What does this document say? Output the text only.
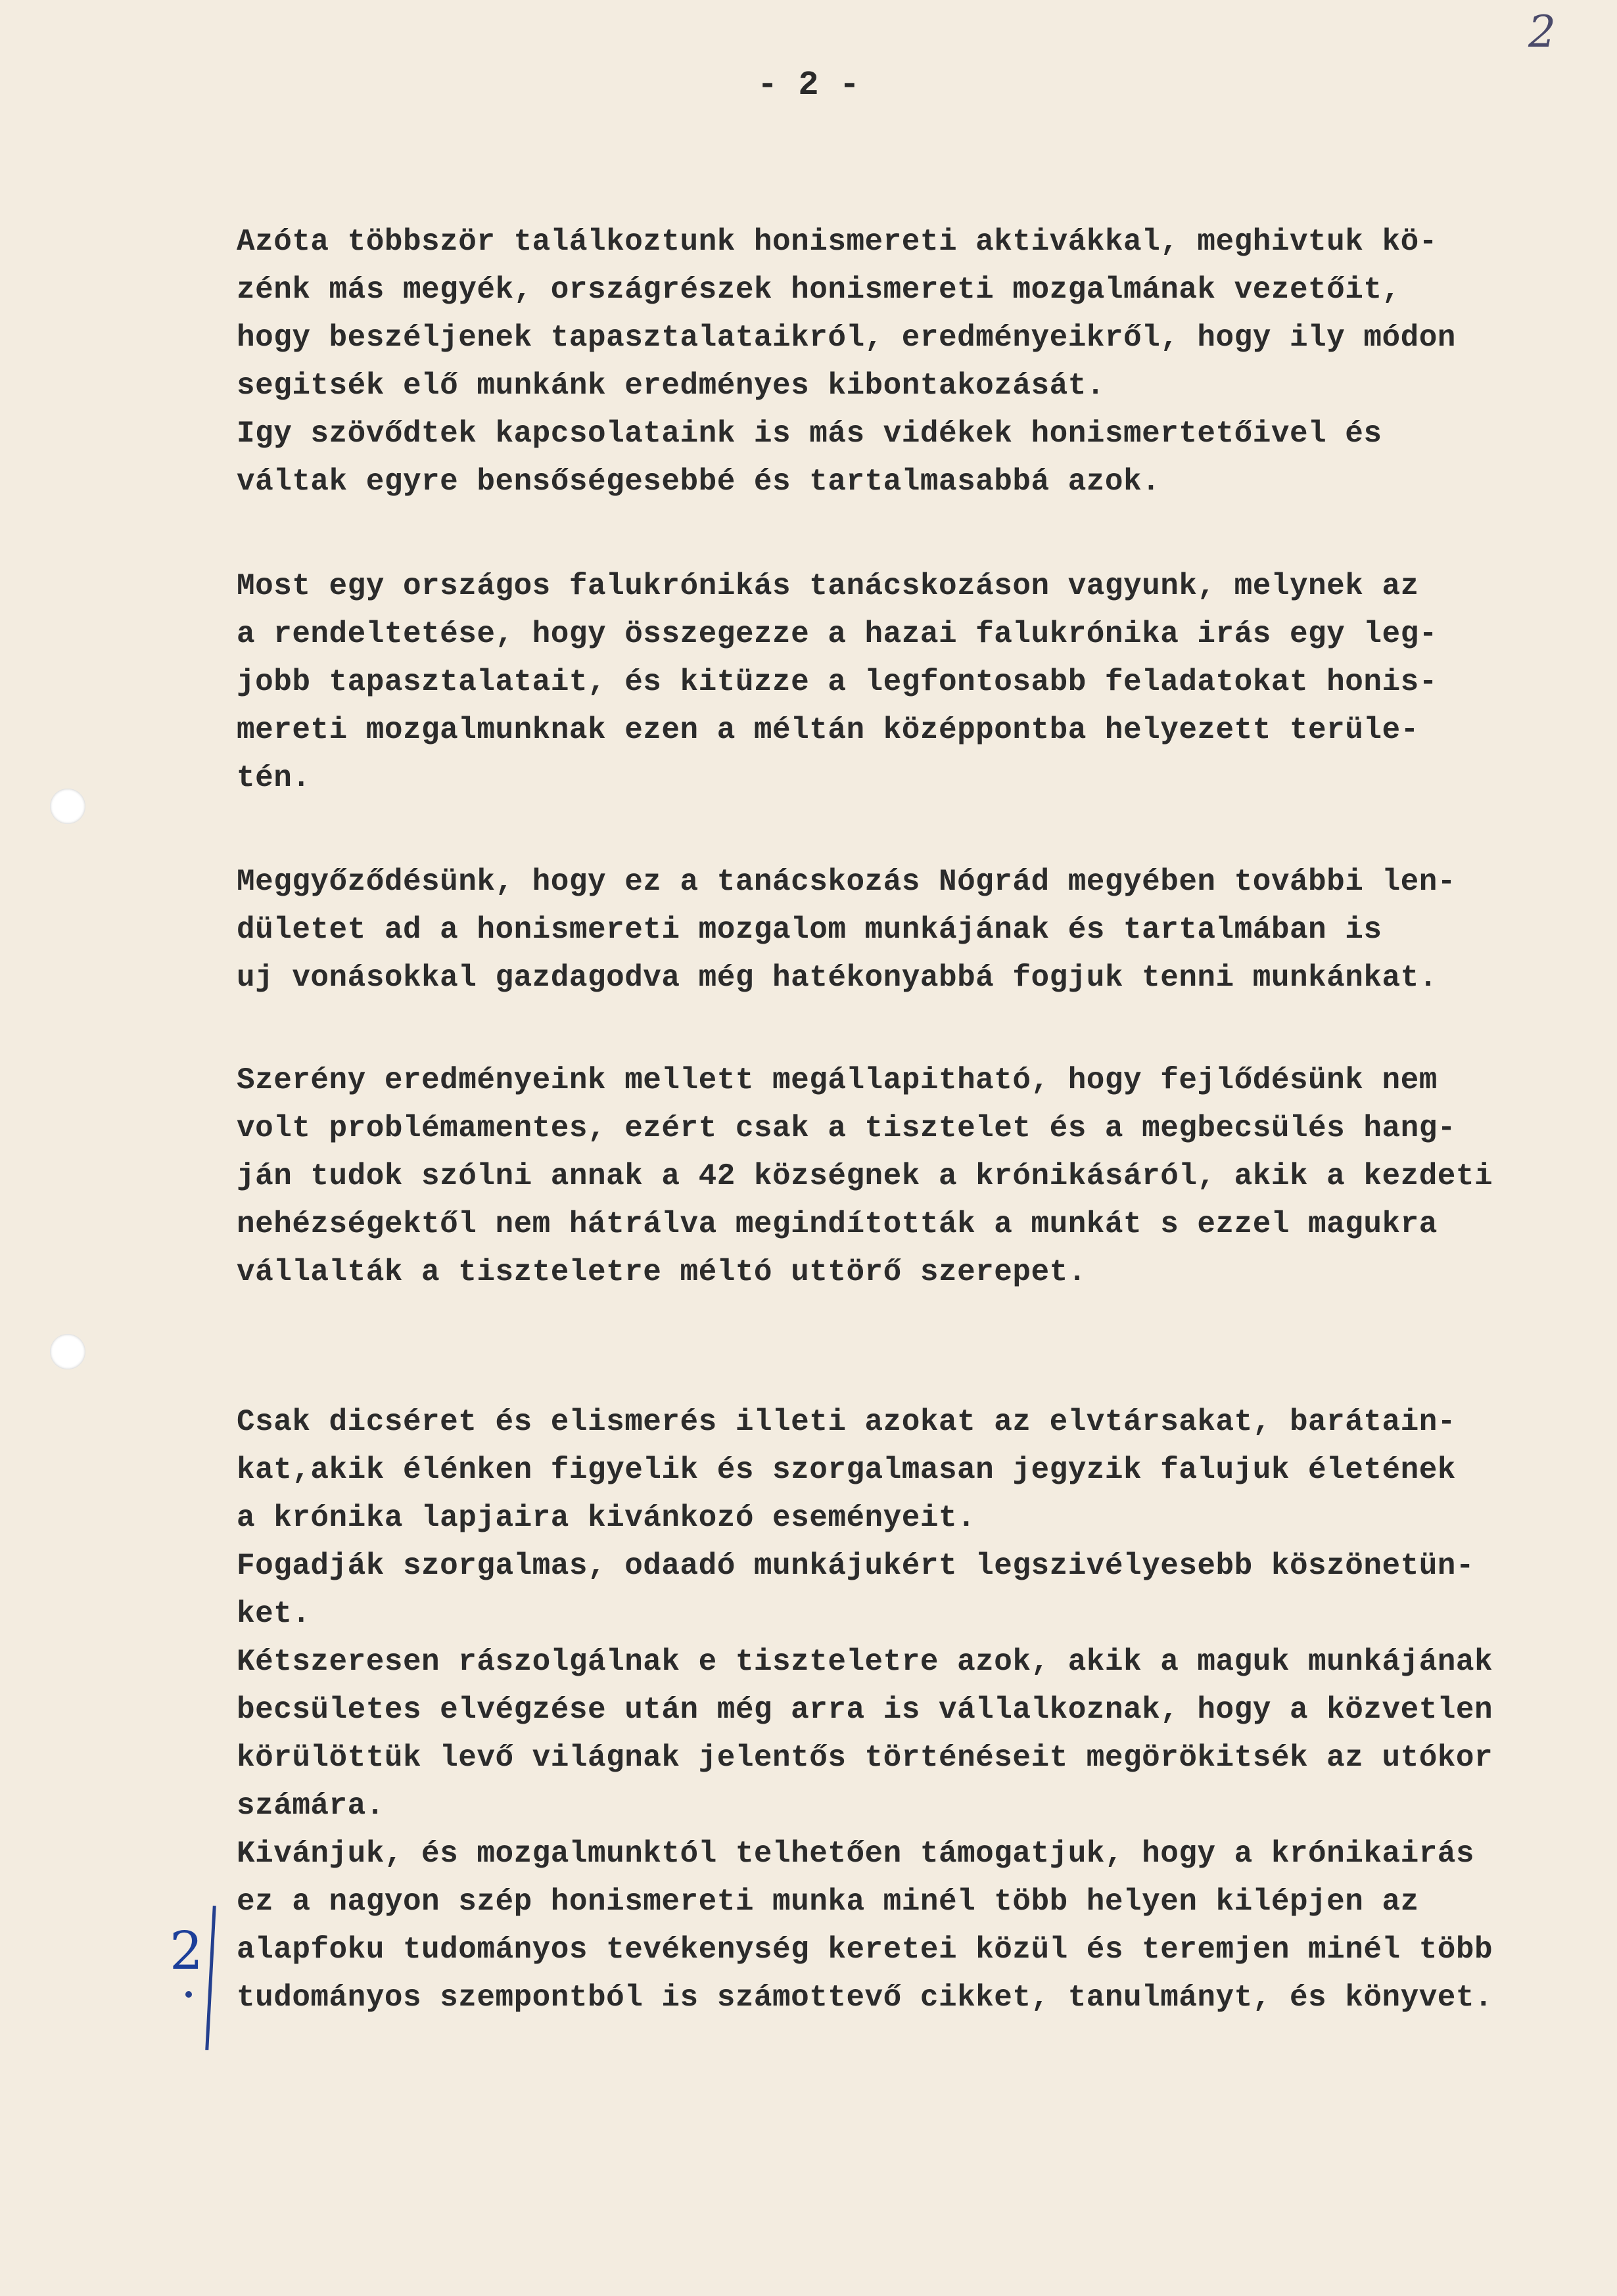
2
- 2 -
Azóta többször találkoztunk honismereti aktivákkal, meghivtuk kö-
zénk más megyék, országrészek honismereti mozgalmának vezetőit,
hogy beszéljenek tapasztalataikról, eredményeikről, hogy ily módon
segitsék elő munkánk eredményes kibontakozását.
Igy szövődtek kapcsolataink is más vidékek honismertetőivel és
váltak egyre bensőségesebbé és tartalmasabbá azok.
Most egy országos falukrónikás tanácskozáson vagyunk, melynek az
a rendeltetése, hogy összegezze a hazai falukrónika irás egy leg-
jobb tapasztalatait, és kitüzze a legfontosabb feladatokat honis-
mereti mozgalmunknak ezen a méltán középpontba helyezett terüle-
tén.
Meggyőződésünk, hogy ez a tanácskozás Nógrád megyében további len-
dületet ad a honismereti mozgalom munkájának és tartalmában is
uj vonásokkal gazdagodva még hatékonyabbá fogjuk tenni munkánkat.
Szerény eredményeink mellett megállapitható, hogy fejlődésünk nem
volt problémamentes, ezért csak a tisztelet és a megbecsülés hang-
ján tudok szólni annak a 42 községnek a krónikásáról, akik a kezdeti
nehézségektől nem hátrálva megindították a munkát s ezzel magukra
vállalták a tiszteletre méltó uttörő szerepet.
Csak dicséret és elismerés illeti azokat az elvtársakat, barátain-
kat,akik élénken figyelik és szorgalmasan jegyzik falujuk életének
a krónika lapjaira kivánkozó eseményeit.
Fogadják szorgalmas, odaadó munkájukért legszivélyesebb köszönetün-
ket.
Kétszeresen rászolgálnak e tiszteletre azok, akik a maguk munkájának
becsületes elvégzése után még arra is vállalkoznak, hogy a közvetlen
körülöttük levő világnak jelentős történéseit megörökitsék az utókor
számára.
Kivánjuk, és mozgalmunktól telhetően támogatjuk, hogy a krónikairás
ez a nagyon szép honismereti munka minél több helyen kilépjen az
alapfoku tudományos tevékenység keretei közül és teremjen minél több
tudományos szempontból is számottevő cikket, tanulmányt, és könyvet.
2
